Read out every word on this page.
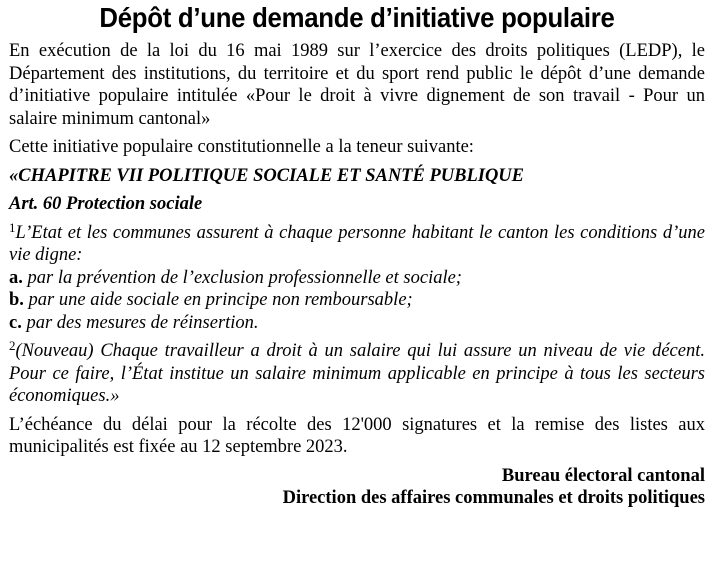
Dépôt d’une demande d’initiative populaire

En exécution de la loi du 16 mai 1989 sur l’exercice des droits politiques (LEDP), le Département des institutions, du territoire et du sport rend public le dépôt d’une demande d’initiative populaire intitulée «Pour le droit à vivre dignement de son travail - Pour un salaire minimum cantonal»

Cette initiative populaire constitutionnelle a la teneur suivante:

«CHAPITRE VII POLITIQUE SOCIALE ET SANTÉ PUBLIQUE

Art. 60 Protection sociale

$^1$L’Etat et les communes assurent à chaque personne habitant le canton les conditions d’une vie digne:

a. par la prévention de l’exclusion professionnelle et sociale;

b. par une aide sociale en principe non remboursable;

c. par des mesures de réinsertion.

$^2$(Nouveau) Chaque travailleur a droit à un salaire qui lui assure un niveau de vie décent. Pour ce faire, l’État institue un salaire minimum applicable en principe à tous les secteurs économiques.»

L’échéance du délai pour la récolte des 12'000 signatures et la remise des listes aux municipalités est fixée au 12 septembre 2023.

Bureau électoral cantonal

Direction des affaires communales et droits politiques
